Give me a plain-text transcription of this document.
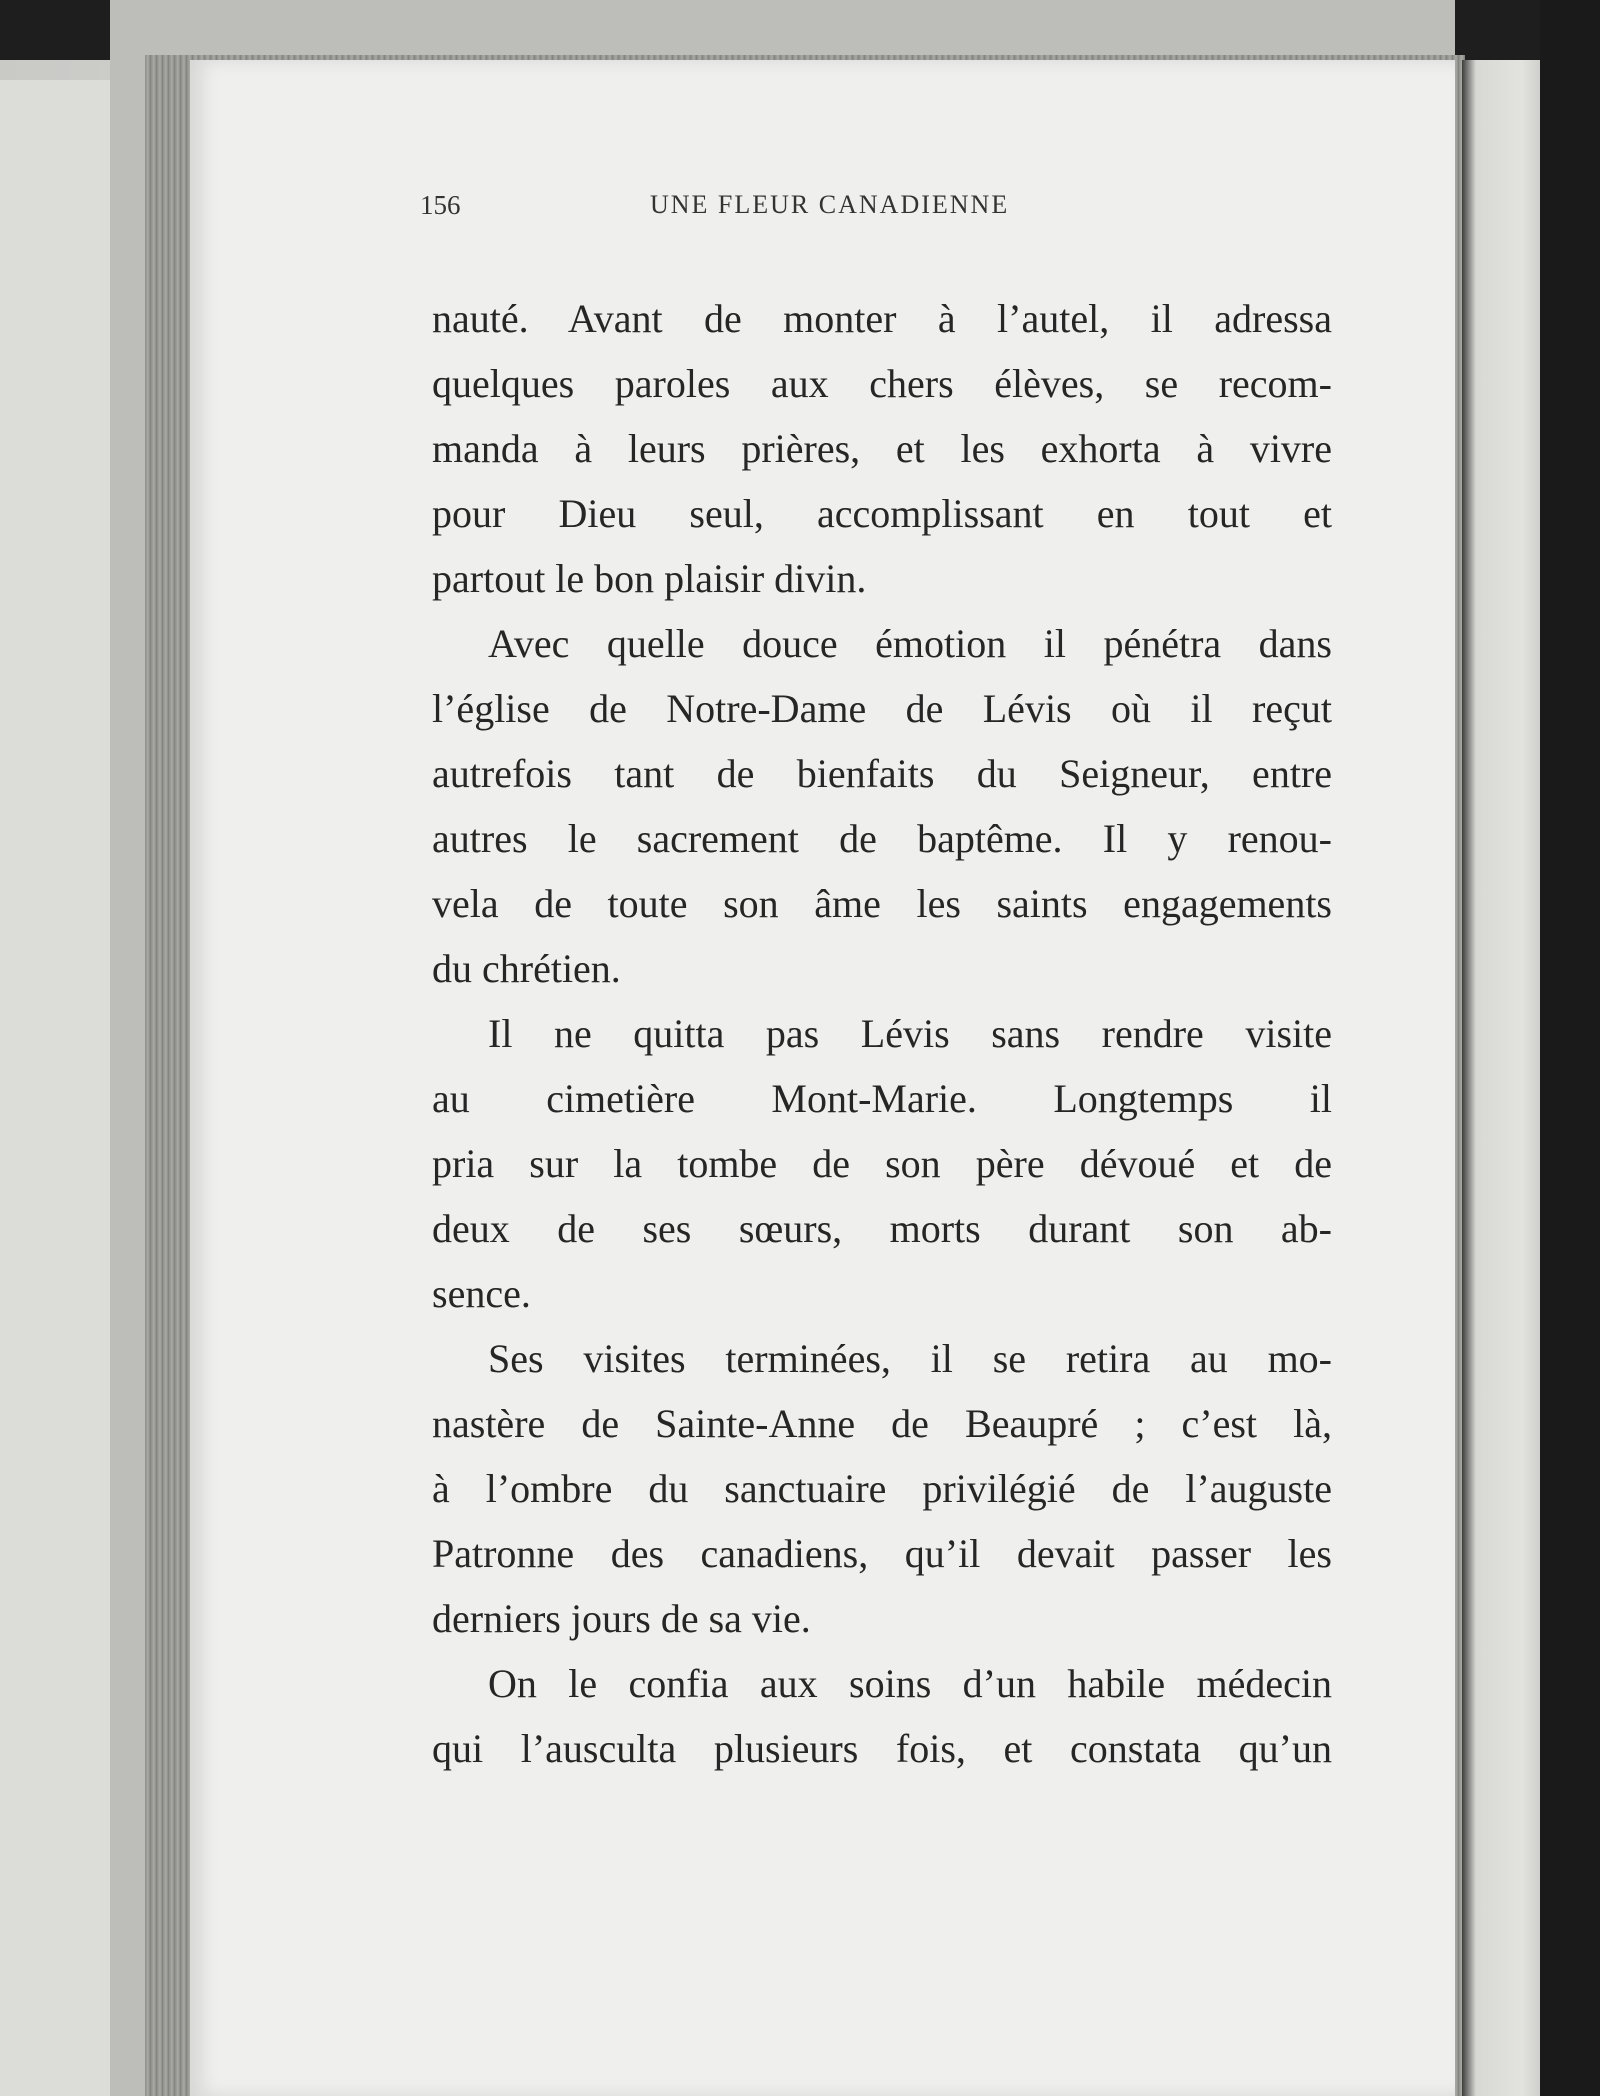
156	UNE FLEUR CANADIENNE
nauté. Avant de monter à l’autel, il adressa
quelques paroles aux chers élèves, se recom-
manda à leurs prières, et les exhorta à vivre
pour Dieu seul, accomplissant en tout et
partout le bon plaisir divin.
Avec quelle douce émotion il pénétra dans
l’église de Notre-Dame de Lévis où il reçut
autrefois tant de bienfaits du Seigneur, entre
autres le sacrement de baptême. Il y renou-
vela de toute son âme les saints engagements
du chrétien.
Il ne quitta pas Lévis sans rendre visite
au cimetière Mont-Marie. Longtemps il
pria sur la tombe de son père dévoué et de
deux de ses sœurs, morts durant son ab-
sence.
Ses visites terminées, il se retira au mo-
nastère de Sainte-Anne de Beaupré ; c’est là,
à l’ombre du sanctuaire privilégié de l’auguste
Patronne des canadiens, qu’il devait passer les
derniers jours de sa vie.
On le confia aux soins d’un habile médecin
qui l’ausculta plusieurs fois, et constata qu’un
